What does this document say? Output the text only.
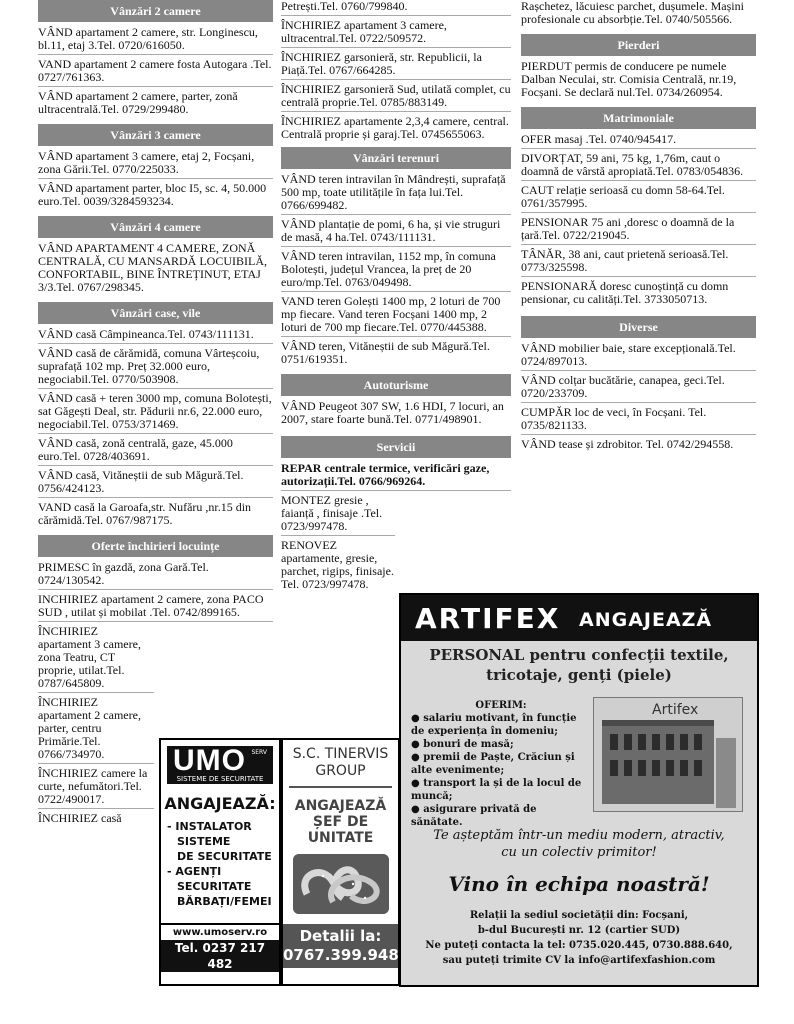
Vânzări 2 camere
VÂND apartament 2 camere, str. Longinescu, bl.11, etaj 3.Tel. 0720/616050.
VAND apartament 2 camere fosta Autogara .Tel. 0727/761363.
VÂND apartament 2 camere, parter, zonă ultracentrală.Tel. 0729/299480.
Vânzări 3 camere
VÂND apartament 3 camere, etaj 2, Focșani, zona Gării.Tel. 0770/225033.
VÂND apartament parter, bloc I5, sc. 4, 50.000 euro.Tel. 0039/3284593234.
Vânzări 4 camere
VÂND APARTAMENT 4 CAMERE, ZONĂ CENTRALĂ, CU MANSARDĂ LOCUIBILĂ, CONFORTABIL, BINE ÎNTREȚINUT, ETAJ 3/3.Tel. 0767/298345.
Vânzări case, vile
VÂND casă Câmpineanca.Tel. 0743/111131.
VÂND casă de cărămidă, comuna Vârteșcoiu, suprafață 102 mp. Preț 32.000 euro, negociabil.Tel. 0770/503908.
VÂND casă + teren 3000 mp, comuna Bolotești, sat Găgești Deal, str. Pădurii nr.6, 22.000 euro, negociabil.Tel. 0753/371469.
VÂND casă, zonă centrală, gaze, 45.000 euro.Tel. 0728/403691.
VÂND casă, Vităneștii de sub Măgură.Tel. 0756/424123.
VAND casă la Garoafa,str. Nufăru ,nr.15 din cărămidă.Tel. 0767/987175.
Oferte închirieri locuințe
PRIMESC în gazdă, zona Gară.Tel. 0724/130542.
INCHIRIEZ apartament 2 camere, zona PACO SUD , utilat și mobilat .Tel. 0742/899165.
ÎNCHIRIEZ apartament 3 camere, zona Teatru, CT proprie, utilat.Tel. 0787/645809.
ÎNCHIRIEZ apartament 2 camere, parter, centru Primărie.Tel. 0766/734970.
ÎNCHIRIEZ camere la curte, nefumători.Tel. 0722/490017.
ÎNCHIRIEZ casă
Petrești.Tel. 0760/799840.
ÎNCHIRIEZ apartament 3 camere, ultracentral.Tel. 0722/509572.
ÎNCHIRIEZ garsonieră, str. Republicii, la Piață.Tel. 0767/664285.
ÎNCHIRIEZ garsonieră Sud, utilată complet, cu centrală proprie.Tel. 0785/883149.
ÎNCHIRIEZ apartamente 2,3,4 camere, central. Centrală proprie și garaj.Tel. 0745655063.
Vânzări terenuri
VÂND teren intravilan în Mândrești, suprafață 500 mp, toate utilitățile în fața lui.Tel. 0766/699482.
VÂND plantație de pomi, 6 ha, și vie struguri de masă, 4 ha.Tel. 0743/111131.
VÂND teren intravilan, 1152 mp, în comuna Bolotești, județul Vrancea, la preț de 20 euro/mp.Tel. 0763/049498.
VAND teren Golești 1400 mp, 2 loturi de 700 mp fiecare. Vand teren Focșani 1400 mp, 2 loturi de 700 mp fiecare.Tel. 0770/445388.
VÂND teren, Vităneștii de sub Măgură.Tel. 0751/619351.
Autoturisme
VÂND Peugeot 307 SW, 1.6 HDI, 7 locuri, an 2007, stare foarte bună.Tel. 0771/498901.
Servicii
REPAR centrale termice, verificări gaze, autorizații.Tel. 0766/969264.
MONTEZ gresie , faianță , finisaje .Tel. 0723/997478.
RENOVEZ apartamente, gresie, parchet, rigips, finisaje. Tel. 0723/997478.
Rașchetez, lăcuiesc parchet, dușumele. Mașini profesionale cu absorbție.Tel. 0740/505566.
Pierderi
PIERDUT permis de conducere pe numele Dalban Neculai, str. Comisia Centrală, nr.19, Focșani. Se declară nul.Tel. 0734/260954.
Matrimoniale
OFER masaj .Tel. 0740/945417.
DIVORȚAT, 59 ani, 75 kg, 1,76m, caut o doamnă de vârstă apropiată.Tel. 0783/054836.
CAUT relație serioasă cu domn 58-64.Tel. 0761/357995.
PENSIONAR 75 ani ,doresc o doamnă de la țară.Tel. 0722/219045.
TÂNĂR, 38 ani, caut prietenă serioasă.Tel. 0773/325598.
PENSIONARĂ doresc cunoștință cu domn pensionar, cu calități.Tel. 3733050713.
Diverse
VÂND mobilier baie, stare excepțională.Tel. 0724/897013.
VÂND colțar bucătărie, canapea, geci.Tel. 0720/233709.
CUMPĂR loc de veci, în Focșani. Tel. 0735/821133.
VÂND tease și zdrobitor. Tel. 0742/294558.
UMO SERV
SISTEME DE SECURITATE
ANGAJEAZĂ:
- INSTALATOR
SISTEME
DE SECURITATE
- AGENȚI
SECURITATE
BĂRBAȚI/FEMEI
www.umoserv.ro
Tel. 0237 217 482
S.C. TINERVIS GROUP
ANGAJEAZĂ ȘEF DE UNITATE
Detalii la:
0767.399.948
ARTIFEX ANGAJEAZĂ
PERSONAL pentru confecții textile, tricotaje, genți (piele)
OFERIM:
● salariu motivant, în funcție de experiența în domeniu;
● bonuri de masă;
● premii de Paște, Crăciun și alte evenimente;
● transport la și de la locul de muncă;
● asigurare privată de sănătate.
Artifex
Te așteptăm într-un mediu modern, atractiv, cu un colectiv primitor!
Vino în echipa noastră!
Relații la sediul societății din: Focșani,
b-dul București nr. 12 (cartier SUD)
Ne puteți contacta la tel: 0735.020.445, 0730.888.640,
sau puteți trimite CV la info@artifexfashion.com
